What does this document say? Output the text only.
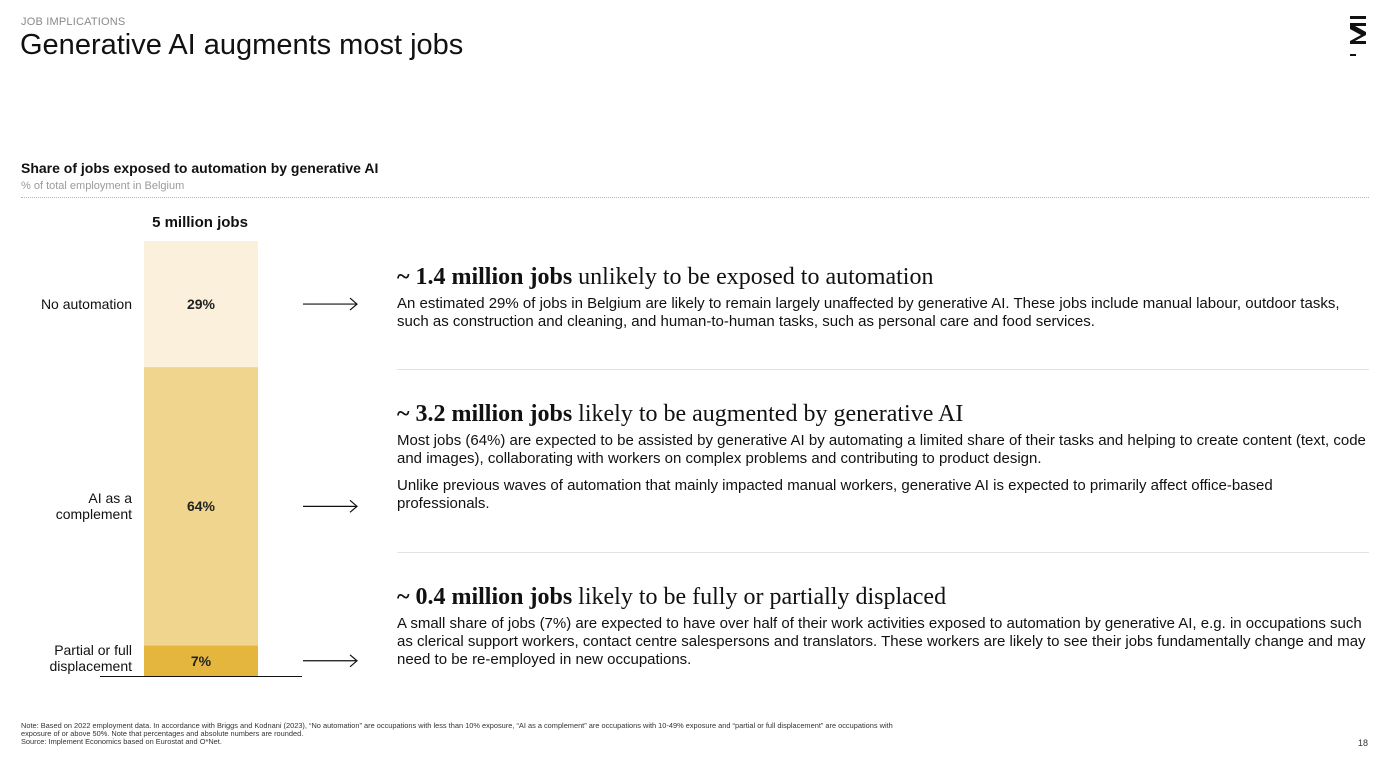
JOB IMPLICATIONS
Generative AI augments most jobs
Share of jobs exposed to automation by generative AI
% of total employment in Belgium
5 million jobs
No automation
AI as a
complement
Partial or full
displacement
29%
64%
7%
~ 1.4 million jobs unlikely to be exposed to automation

An estimated 29% of jobs in Belgium are likely to remain largely unaffected by generative AI. These jobs include manual labour, outdoor tasks, such as construction and cleaning, and human-to-human tasks, such as personal care and food services.

~ 3.2 million jobs likely to be augmented by generative AI

Most jobs (64%) are expected to be assisted by generative AI by automating a limited share of their tasks and helping to create content (text, code and images), collaborating with workers on complex problems and contributing to product design.

Unlike previous waves of automation that mainly impacted manual workers, generative AI is expected to primarily affect office-based professionals.

~ 0.4 million jobs likely to be fully or partially displaced

A small share of jobs (7%) are expected to have over half of their work activities exposed to automation by generative AI, e.g. in occupations such as clerical support workers, contact centre salespersons and translators. These workers are likely to see their jobs fundamentally change and may need to be re-employed in new occupations.

Note: Based on 2022 employment data. In accordance with Briggs and Kodnani (2023), “No automation” are occupations with less than 10% exposure, “AI as a complement” are occupations with 10-49% exposure and “partial or full displacement” are occupations with
exposure of or above 50%. Note that percentages and absolute numbers are rounded.
Source: Implement Economics based on Eurostat and O*Net.	18
